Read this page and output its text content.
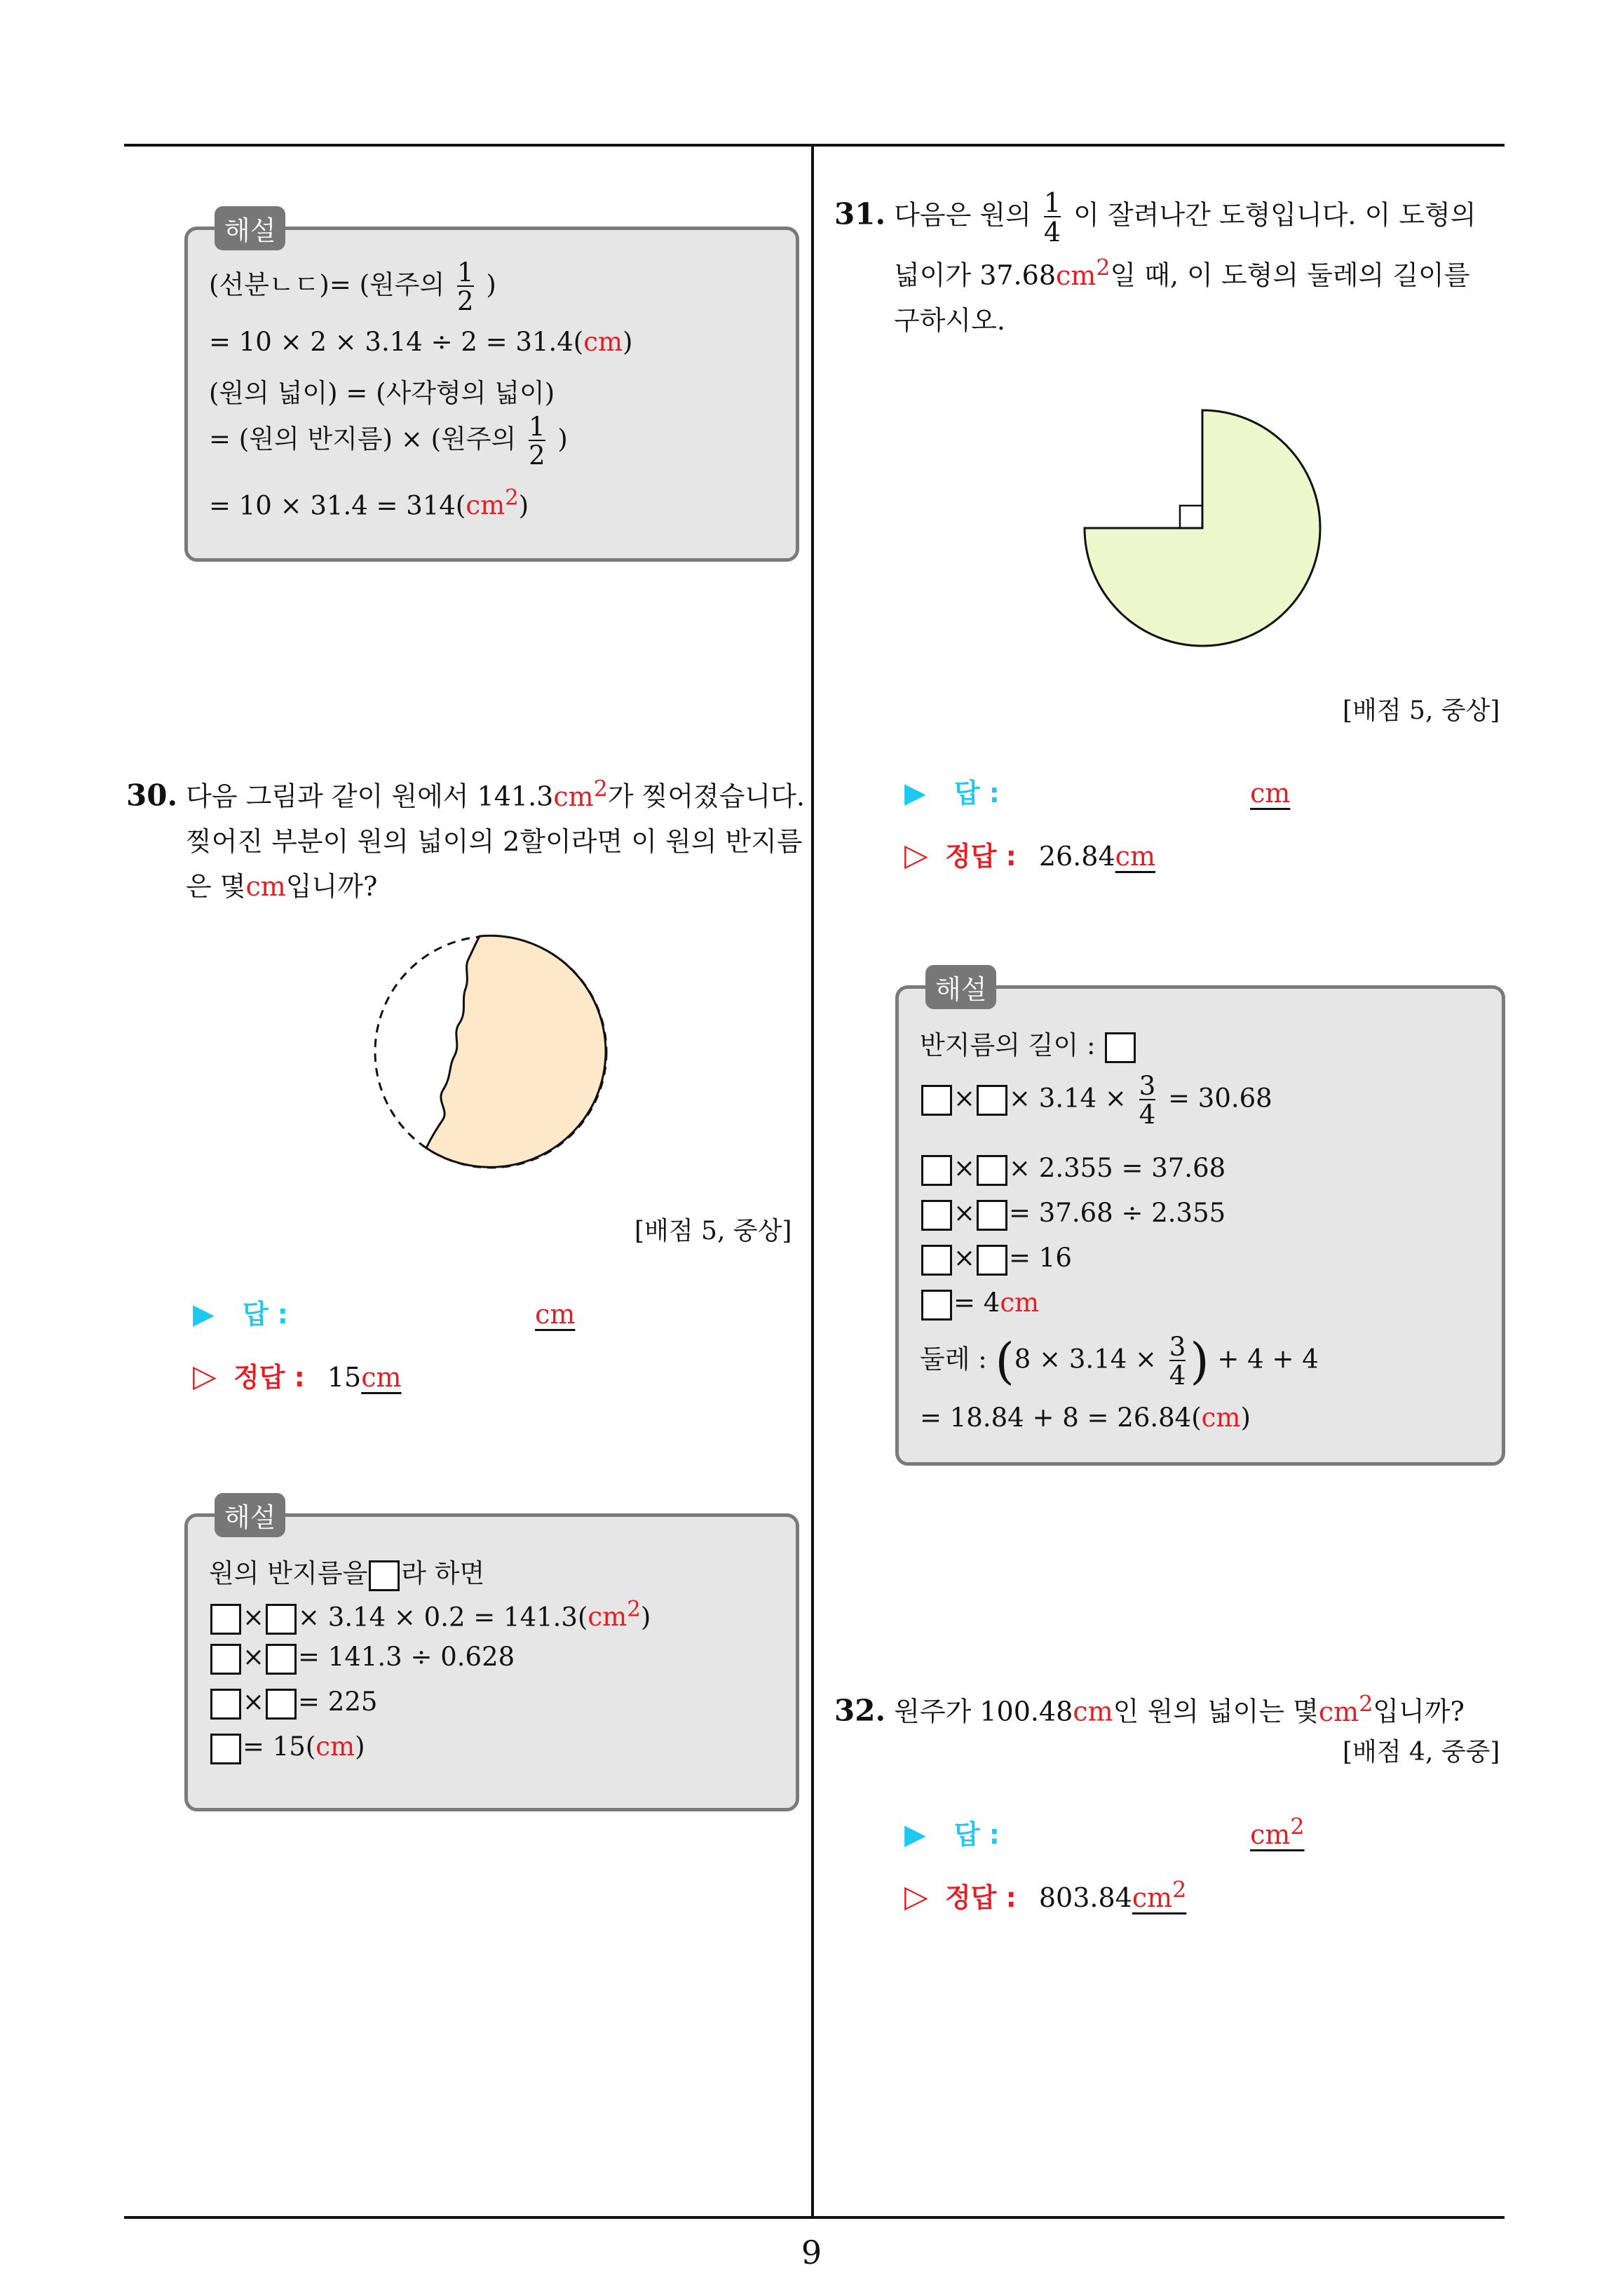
9
해설
(선분ㄴㄷ)= (원주의 $\frac{1}{2}$ )
= 10 × 2 × 3.14 ÷ 2 = 31.4(cm)
(원의 넓이) = (사각형의 넓이)
= (원의 반지름) × (원주의 $\frac{1}{2}$ )
= $10 \times 31.4 = 314(cm^2)$
30. 다음 그림과 같이 원에서 $141.3cm^2$가 찢어졌습니다.
찢어진 부분이 원의 넓이의 2할이라면 이 원의 반지름
은 몇cm입니까?
[배점 5, 중상]
▶ 답 :	cm
▷ 정답 : 15cm
해설
원의 반지름을 라 하면
× × $3.14 \times 0.2 = 141.3(cm^2)$
× = 141.3 ÷ 0.628
× = 225
= 15(cm)
31. 다음은 원의 $\frac{1}{4}$ 이 잘려나간 도형입니다. 이 도형의
넓이가 $37.68cm^2$일 때, 이 도형의 둘레의 길이를
구하시오.
[배점 5, 중상]
▶ 답 :	cm
▷ 정답 : 26.84cm
해설
반지름의 길이 :
× × $3.14 \times \frac{3}{4} = 30.68$
× × 2.355 = 37.68
× = 37.68 ÷ 2.355
× = 16
= 4cm
둘레 : ($8 \times 3.14 \times \frac{3}{4}$ ) + 4 + 4
= 18.84 + 8 = 26.84(cm)
32. 원주가 100.48cm인 원의 넓이는 몇$cm^2$입니까?
[배점 4, 중중]
▶ 답 :	$cm^2$
▷ 정답 : $803.84cm^2$
